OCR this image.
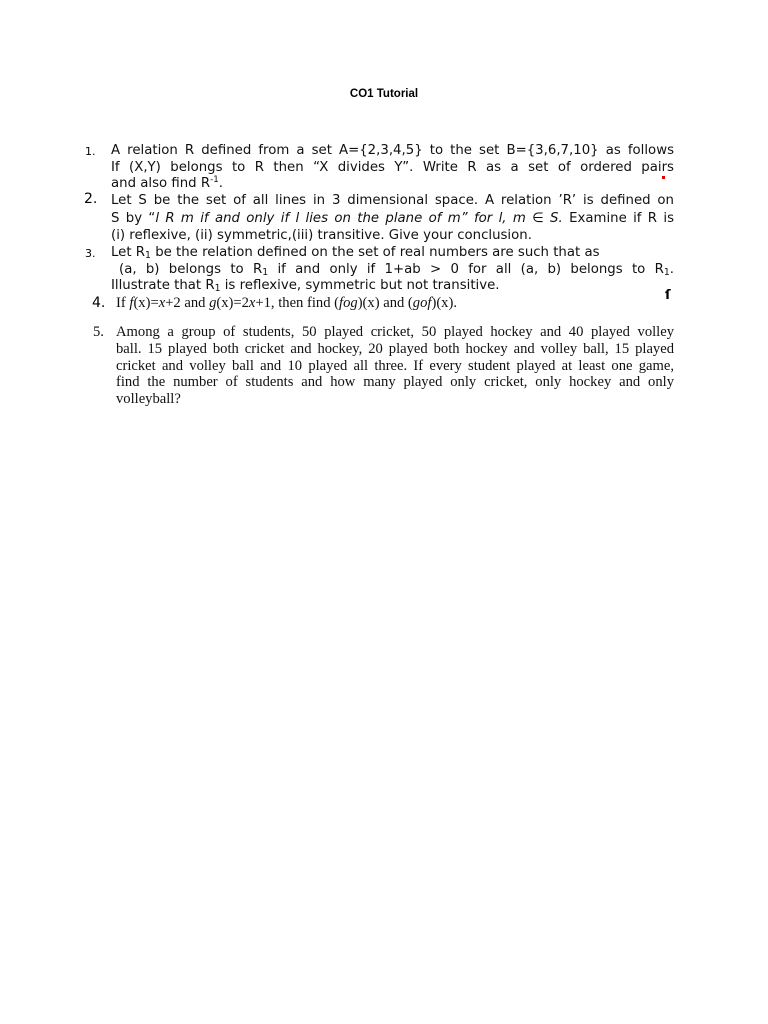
CO1 Tutorial
1. A relation R defined from a set A={2,3,4,5} to the set B={3,6,7,10} as follows
If (X,Y) belongs to R then “X divides Y”. Write R as a set of ordered pairs
and also find $R^{-1}$.
2. Let S be the set of all lines in 3 dimensional space. A relation ’R’ is defined on
S by “l R m if and only if l lies on the plane of m” for l, m ∈ S. Examine if R is
(i) reflexive, (ii) symmetric,(iii) transitive. Give your conclusion.
3. Let $R_1$ be the relation defined on the set of real numbers are such that as
(a, b) belongs to $R_1$ if and only if 1+ab > 0 for all (a, b) belongs to $R_1$.
Illustrate that $R_1$ is reflexive, symmetric but not transitive.
4. If f(x)=x+2 and g(x)=2x+1, then find (fog)(x) and (gof)(x).	ſ
5. Among a group of students, 50 played cricket, 50 played hockey and 40 played volley
ball. 15 played both cricket and hockey, 20 played both hockey and volley ball, 15 played
cricket and volley ball and 10 played all three. If every student played at least one game,
find the number of students and how many played only cricket, only hockey and only
volleyball?
